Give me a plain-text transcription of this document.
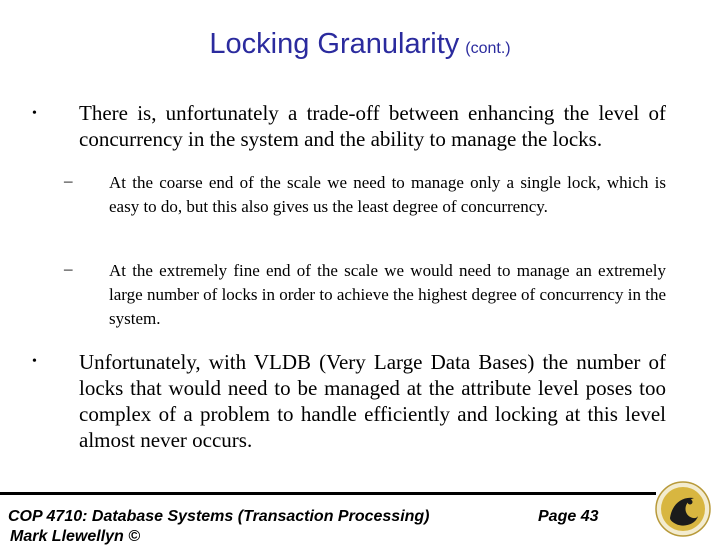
Locking Granularity (cont.)
• There is, unfortunately a trade-off between enhancing the level of concurrency in the system and the ability to manage the locks.
– At the coarse end of the scale we need to manage only a single lock, which is easy to do, but this also gives us the least degree of concurrency.
– At the extremely fine end of the scale we would need to manage an extremely large number of locks in order to achieve the highest degree of concurrency in the system.
• Unfortunately, with VLDB (Very Large Data Bases) the number of locks that would need to be managed at the attribute level poses too complex of a problem to handle efficiently and locking at this level almost never occurs.
COP 4710: Database Systems (Transaction Processing)	Page 43
Mark Llewellyn ©
